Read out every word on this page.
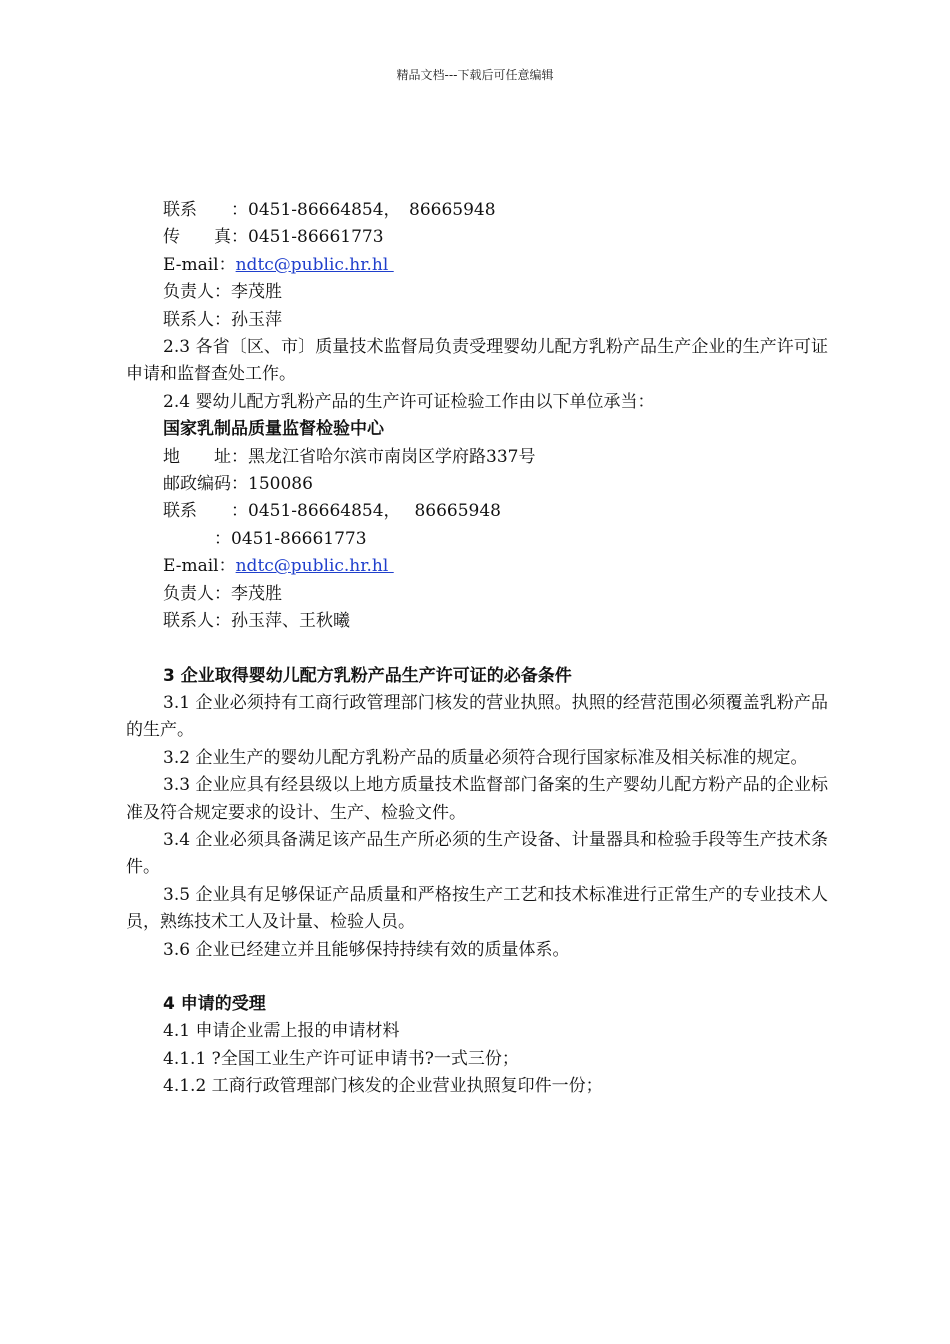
精品文档---下载后可任意编辑
联系　　：0451-86664854，　86665948
传　　真：0451-86661773
E-mail：ndtc@public.hr.hl
负责人：李茂胜
联系人：孙玉萍
2.3 各省〔区、市〕质量技术监督局负责受理婴幼儿配方乳粉产品生产企业的生产许可证申请和监督查处工作。
2.4 婴幼儿配方乳粉产品的生产许可证检验工作由以下单位承当：
国家乳制品质量监督检验中心
地　　址：黑龙江省哈尔滨市南岗区学府路337号
邮政编码：150086
联系　　：0451-86664854，　 86665948
　　　：0451-86661773
E-mail：ndtc@public.hr.hl
负责人：李茂胜
联系人：孙玉萍、王秋曦
3 企业取得婴幼儿配方乳粉产品生产许可证的必备条件
3.1 企业必须持有工商行政管理部门核发的营业执照。执照的经营范围必须覆盖乳粉产品的生产。
3.2 企业生产的婴幼儿配方乳粉产品的质量必须符合现行国家标准及相关标准的规定。
3.3 企业应具有经县级以上地方质量技术监督部门备案的生产婴幼儿配方粉产品的企业标准及符合规定要求的设计、生产、检验文件。
3.4 企业必须具备满足该产品生产所必须的生产设备、计量器具和检验手段等生产技术条件。
3.5 企业具有足够保证产品质量和严格按生产工艺和技术标准进行正常生产的专业技术人员，熟练技术工人及计量、检验人员。
3.6 企业已经建立并且能够保持持续有效的质量体系。
4 申请的受理
4.1 申请企业需上报的申请材料
4.1.1 ?全国工业生产许可证申请书?一式三份；
4.1.2 工商行政管理部门核发的企业营业执照复印件一份；
